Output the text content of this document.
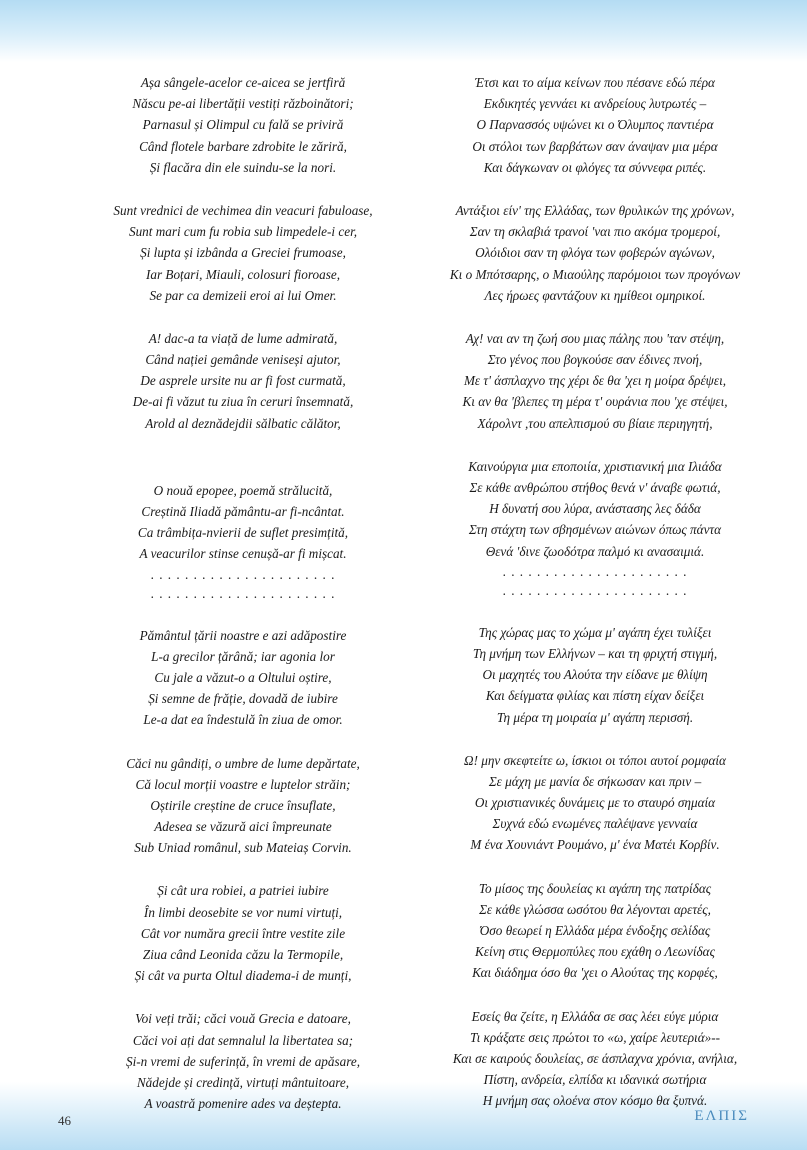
Așa sângele-acelor ce-aicea se jertfiră
Născu pe-ai libertății vestiți războinători;
Parnasul și Olimpul cu falǎ se priviră
Când flotele barbare zdrobite le zăriră,
Și flacăra din ele suindu-se la nori.
Sunt vrednici de vechimea din veacuri fabuloase,
Sunt mari cum fu robia sub limpedele-i cer,
Și lupta și izbânda a Greciei frumoase,
Iar Boțari, Miauli, colosuri fioroase,
Se par ca demizeii eroi ai lui Omer.
A! dac-a ta viață de lume admirată,
Când nației gemânde veniseși ajutor,
De asprele ursite nu ar fi fost curmată,
De-ai fi văzut tu ziua în ceruri însemnată,
Arold al deznădejdii sălbatic călător,
O nouă epopee, poemă strălucită,
Creștină Iliadă pământu-ar fi-ncântat.
Ca trâmbița-nvierii de suflet presimțită,
A veacurilor stinse cenușă-ar fi mișcat.
. . . . . . . . . . . . . . . . . . . . . .
. . . . . . . . . . . . . . . . . . . . . .
Pământul țării noastre e azi adăpostire
L-a grecilor țărână; iar agonia lor
Cu jale a văzut-o a Oltului oștire,
Și semne de frăție, dovadă de iubire
Le-a dat ea îndestulă în ziua de omor.
Căci nu gândiți, o umbre de lume depărtate,
Că locul morții voastre e luptelor străin;
Oștirile creștine de cruce însuflate,
Adesea se văzură aici împreunate
Sub Uniad românul, sub Mateiaș Corvin.
Și cât ura robiei, a patriei iubire
În limbi deosebite se vor numi virtuți,
Cât vor număra grecii între vestite zile
Ziua când Leonida căzu la Termopile,
Și cât va purta Oltul diadema-i de munți,
Voi veți trăi; căci vouă Grecia e datoare,
Căci voi ați dat semnalul la libertatea sa;
Și-n vremi de suferință, în vremi de apăsare,
Nădejde și credință, virtuți mântuitoare,
A voastră pomenire ades va deștepta.
Έτσι και το αίμα κείνων που πέσανε εδώ πέρα
Εκδικητές γεννάει κι ανδρείους λυτρωτές –
Ο Παρνασσός υψώνει κι ο Όλυμπος παντιέρα
Οι στόλοι των βαρβάτων σαν άναψαν μια μέρα
Και δάγκωναν οι φλόγες τα σύννεφα ριπές.
Αντάξιοι είν' της Ελλάδας, των θρυλικών της χρόνων,
Σαν τη σκλαβιά τρανοί 'ναι πιο ακόμα τρομεροί,
Ολόιδιοι σαν τη φλόγα των φοβερών αγώνων,
Κι ο Μπότσαρης, ο Μιαούλης παρόμοιοι των προγόνων
Λες ήρωες φαντάζουν κι ημίθεοι ομηρικοί.
Αχ! ναι αν τη ζωή σου μιας πάλης που 'ταν στέψη,
Στο γένος που βογκούσε σαν έδινες πνοή,
Με τ' άσπλαχνο της χέρι δε θα 'χει η μοίρα δρέψει,
Κι αν θα 'βλεπες τη μέρα τ' ουράνια που 'χε στέψει,
Χάρολντ ,του απελπισμού συ βίαιε περιηγητή,
Καινούργια μια εποποιία, χριστιανική μια Ιλιάδα
Σε κάθε ανθρώπου στήθος θενά ν' άναβε φωτιά,
Η δυνατή σου λύρα, ανάστασης λες δάδα
Στη στάχτη των σβησμένων αιώνων όπως πάντα
Θενά 'δινε ζωοδότρα παλμό κι ανασαιμιά.
. . . . . . . . . . . . . . . . . . . . . .
. . . . . . . . . . . . . . . . . . . . . .
Της χώρας μας το χώμα μ' αγάπη έχει τυλίξει
Τη μνήμη των Ελλήνων – και τη φριχτή στιγμή,
Οι μαχητές του Αλούτα την είδανε με θλίψη
Και δείγματα φιλίας και πίστη είχαν δείξει
Τη μέρα τη μοιραία μ' αγάπη περισσή.
Ω! μην σκεφτείτε ω, ίσκιοι οι τόποι αυτοί ρομφαία
Σε μάχη με μανία δε σήκωσαν και πριν –
Οι χριστιανικές δυνάμεις με το σταυρό σημαία
Συχνά εδώ ενωμένες παλέψανε γενναία
Μ ένα Χουνιάντ Ρουμάνο, μ' ένα Ματέι Κορβίν.
Το μίσος της δουλείας κι αγάπη της πατρίδας
Σε κάθε γλώσσα ωσότου θα λέγονται αρετές,
Όσο θεωρεί η Ελλάδα μέρα ένδοξης σελίδας
Κείνη στις Θερμοπύλες που εχάθη ο Λεωνίδας
Και διάδημα όσο θα 'χει ο Αλούτας της κορφές,
Εσείς θα ζείτε, η Ελλάδα σε σας λέει εύγε μύρια
Τι κράξατε σεις πρώτοι το «ω, χαίρε λευτεριά»--
Και σε καιρούς δουλείας, σε άσπλαχνα χρόνια, ανήλια,
Πίστη, ανδρεία, ελπίδα κι ιδανικά σωτήρια
Η μνήμη σας ολοένα στον κόσμο θα ξυπνά.
46	ΕΛΠΙΣ
